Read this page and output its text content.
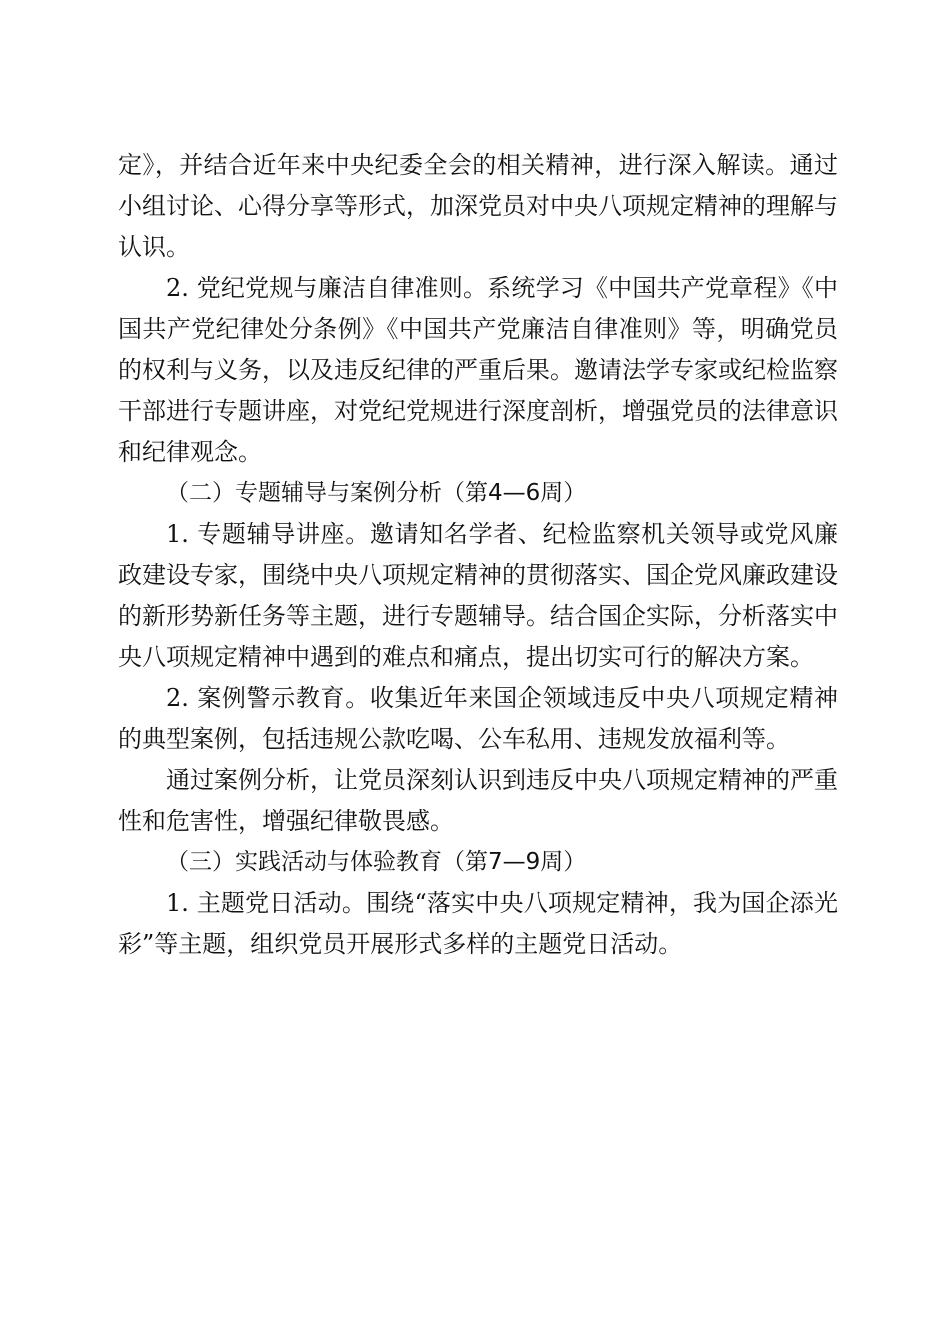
定》，并结合近年来中央纪委全会的相关精神，进行深入解读。通过小组讨论、心得分享等形式，加深党员对中央八项规定精神的理解与认识。

2. 党纪党规与廉洁自律准则。系统学习《中国共产党章程》《中国共产党纪律处分条例》《中国共产党廉洁自律准则》等，明确党员的权利与义务，以及违反纪律的严重后果。邀请法学专家或纪检监察干部进行专题讲座，对党纪党规进行深度剖析，增强党员的法律意识和纪律观念。

（二）专题辅导与案例分析（第4—6周）

1. 专题辅导讲座。邀请知名学者、纪检监察机关领导或党风廉政建设专家，围绕中央八项规定精神的贯彻落实、国企党风廉政建设的新形势新任务等主题，进行专题辅导。结合国企实际，分析落实中央八项规定精神中遇到的难点和痛点，提出切实可行的解决方案。

2. 案例警示教育。收集近年来国企领域违反中央八项规定精神的典型案例，包括违规公款吃喝、公车私用、违规发放福利等。

通过案例分析，让党员深刻认识到违反中央八项规定精神的严重性和危害性，增强纪律敬畏感。

（三）实践活动与体验教育（第7—9周）

1. 主题党日活动。围绕“落实中央八项规定精神，我为国企添光彩”等主题，组织党员开展形式多样的主题党日活动。
